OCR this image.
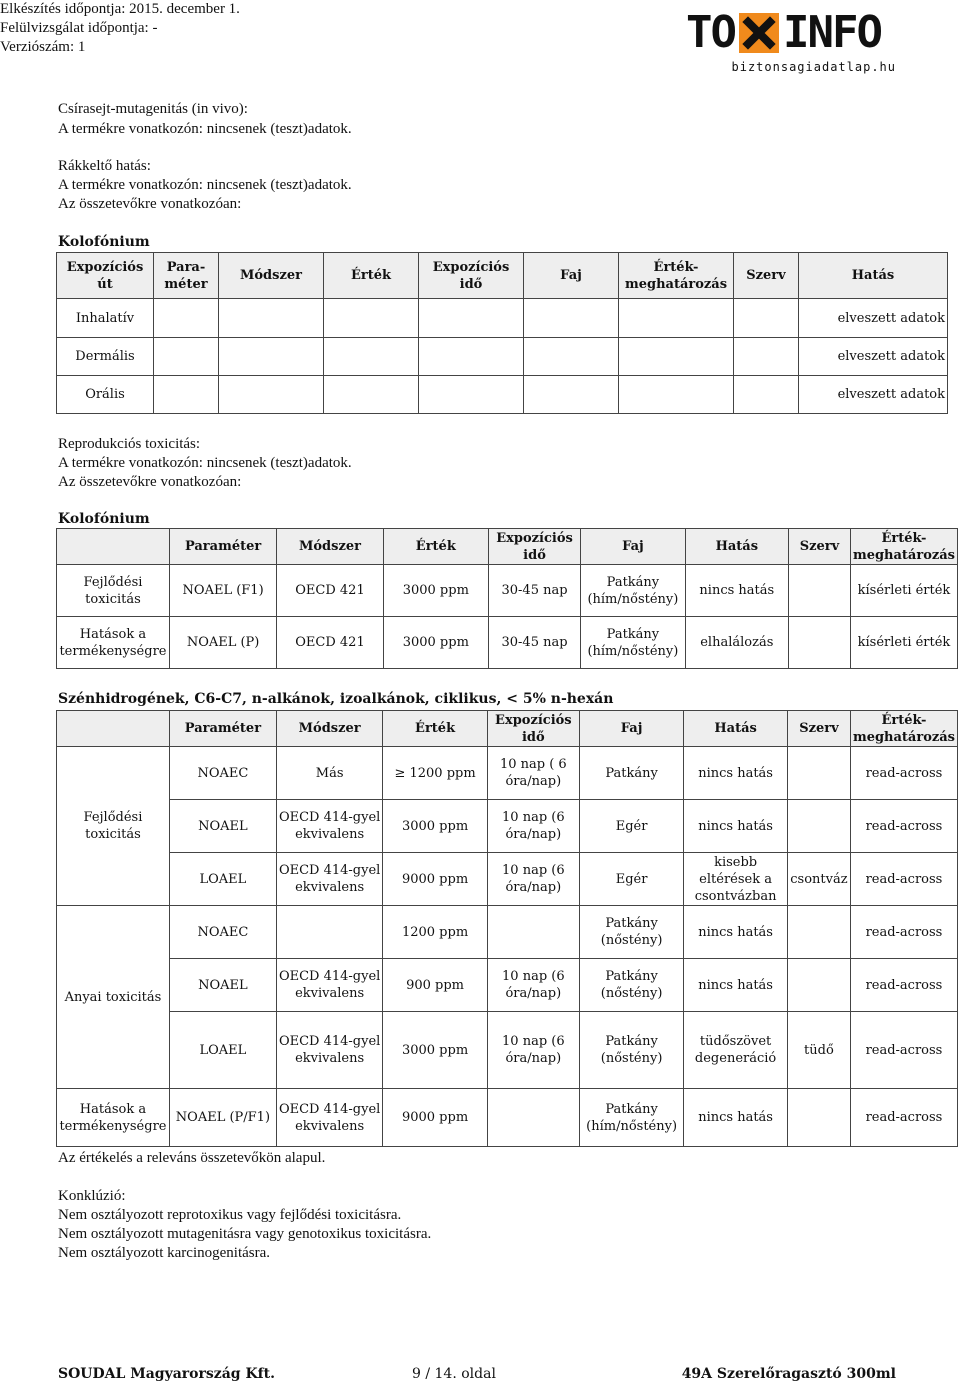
Elkészítés időpontja: 2015. december 1.
Felülvizsgálat időpontja: -
Verziószám: 1	TO INFO
biztonsagiadatlap.hu
Csírasejt-mutagenitás (in vivo):
A termékre vonatkozón: nincsenek (teszt)adatok.
Rákkeltő hatás:
A termékre vonatkozón: nincsenek (teszt)adatok.
Az összetevőkre vonatkozóan:
Kolofónium
Expozíciós út	Para-méter	Módszer	Érték	Expozíciós idő	Faj	Érték-meghatározás	Szerv	Hatás
Inhalatív								elveszett adatok
Dermális								elveszett adatok
Orális								elveszett adatok
Reprodukciós toxicitás:
A termékre vonatkozón: nincsenek (teszt)adatok.
Az összetevőkre vonatkozóan:
Kolofónium
	Paraméter	Módszer	Érték	Expozíciós idő	Faj	Hatás	Szerv	Érték-meghatározás
Fejlődési toxicitás	NOAEL (F1)	OECD 421	3000 ppm	30-45 nap	Patkány (hím/nőstény)	nincs hatás		kísérleti érték
Hatások a termékenységre	NOAEL (P)	OECD 421	3000 ppm	30-45 nap	Patkány (hím/nőstény)	elhalálozás		kísérleti érték
Szénhidrogének, C6-C7, n-alkánok, izoalkánok, ciklikus, < 5% n-hexán
	Paraméter	Módszer	Érték	Expozíciós idő	Faj	Hatás	Szerv	Érték-meghatározás
Fejlődési toxicitás	NOAEC	Más	≥ 1200 ppm	10 nap ( 6 óra/nap)	Patkány	nincs hatás		read-across
	NOAEL	OECD 414-gyel ekvivalens	3000 ppm	10 nap (6 óra/nap)	Egér	nincs hatás		read-across
	LOAEL	OECD 414-gyel ekvivalens	9000 ppm	10 nap (6 óra/nap)	Egér	kisebb eltérések a csontvázban	csontváz	read-across
Anyai toxicitás	NOAEC		1200 ppm		Patkány (nőstény)	nincs hatás		read-across
	NOAEL	OECD 414-gyel ekvivalens	900 ppm	10 nap (6 óra/nap)	Patkány (nőstény)	nincs hatás		read-across
	LOAEL	OECD 414-gyel ekvivalens	3000 ppm	10 nap (6 óra/nap)	Patkány (nőstény)	tüdőszövet degeneráció	tüdő	read-across
Hatások a termékenységre	NOAEL (P/F1)	OECD 414-gyel ekvivalens	9000 ppm		Patkány (hím/nőstény)	nincs hatás		read-across
Az értékelés a releváns összetevőkön alapul.
Konklúzió:
Nem osztályozott reprotoxikus vagy fejlődési toxicitásra.
Nem osztályozott mutagenitásra vagy genotoxikus toxicitásra.
Nem osztályozott karcinogenitásra.
SOUDAL Magyarország Kft.	9 / 14. oldal	49A Szerelőragasztó 300ml
